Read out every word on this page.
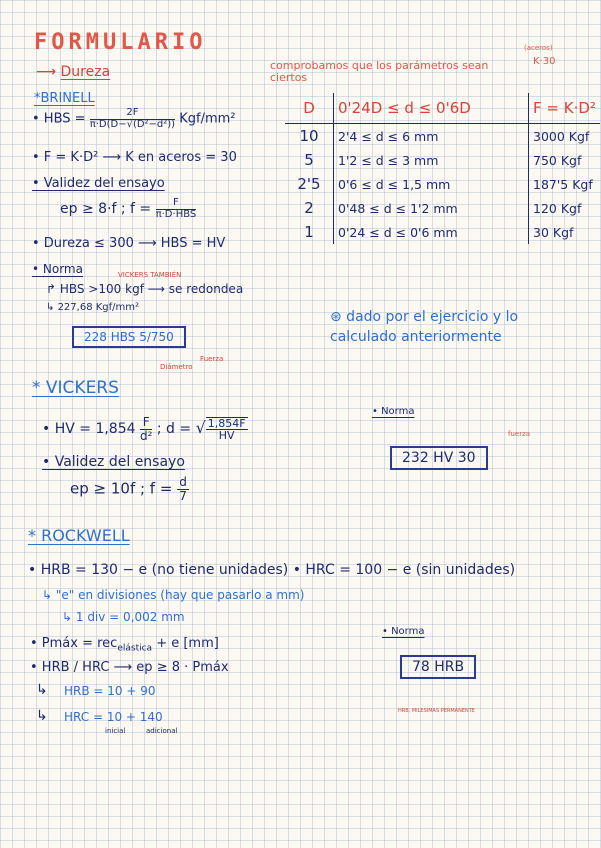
FORMULARIO
⟶ Dureza
*BRINELL
• HBS = $\frac{2F}{\text{π·D(D−√(D²−d²))}} Kgf/mm^2$
• F = K·D² ⟶ K en aceros = 30
• Validez del ensayo
ep ≥ 8·f ; $f = \frac{F}{\text{π·D·HBS}}$
• Dureza ≤ 300 ⟶ HBS = HV
• Norma	VICKERS TAMBIÉN
↱ HBS >100 kgf ⟶ se redondea
↳ 227,68 Kgf/mm²
228 HBS 5/750
Diámetro
Fuerza
comprobamos que los parámetros sean ciertos
(aceros)
K·30
D	0'24D ≤ d ≤ 0'6D	F = K·D²
10	2'4 ≤ d ≤ 6 mm	3000 Kgf
5	1'2 ≤ d ≤ 3 mm	750 Kgf
2'5	0'6 ≤ d ≤ 1,5 mm	187'5 Kgf
2	0'48 ≤ d ≤ 1'2 mm	120 Kgf
1	0'24 ≤ d ≤ 0'6 mm	30 Kgf
⊛ dado por el ejercicio y lo calculado anteriormente
* VICKERS
• HV = $1,854 \frac{F}{\text{d²}}$ ; d = √ $\frac{1,854F}{HV}$
• Validez del ensayo
ep ≥ 10f ; $f = \frac{d}{7}$
• Norma
fuerza
232 HV 30
* ROCKWELL
• HRB = 130 − e (no tiene unidades) • HRC = 100 − e (sin unidades)
↳ "e" en divisiones (hay que pasarlo a mm)
↳ 1 div = 0,002 mm
• Pmáx = rec$_{elástica}$ + e [mm]
• HRB / HRC ⟶ ep ≥ 8 · Pmáx
↳ HRB = 10 + 90
↳ HRC = 10 + 140
inicial	adicional
• Norma
78 HRB
HRB, MILESIMAS PERMANENTE
